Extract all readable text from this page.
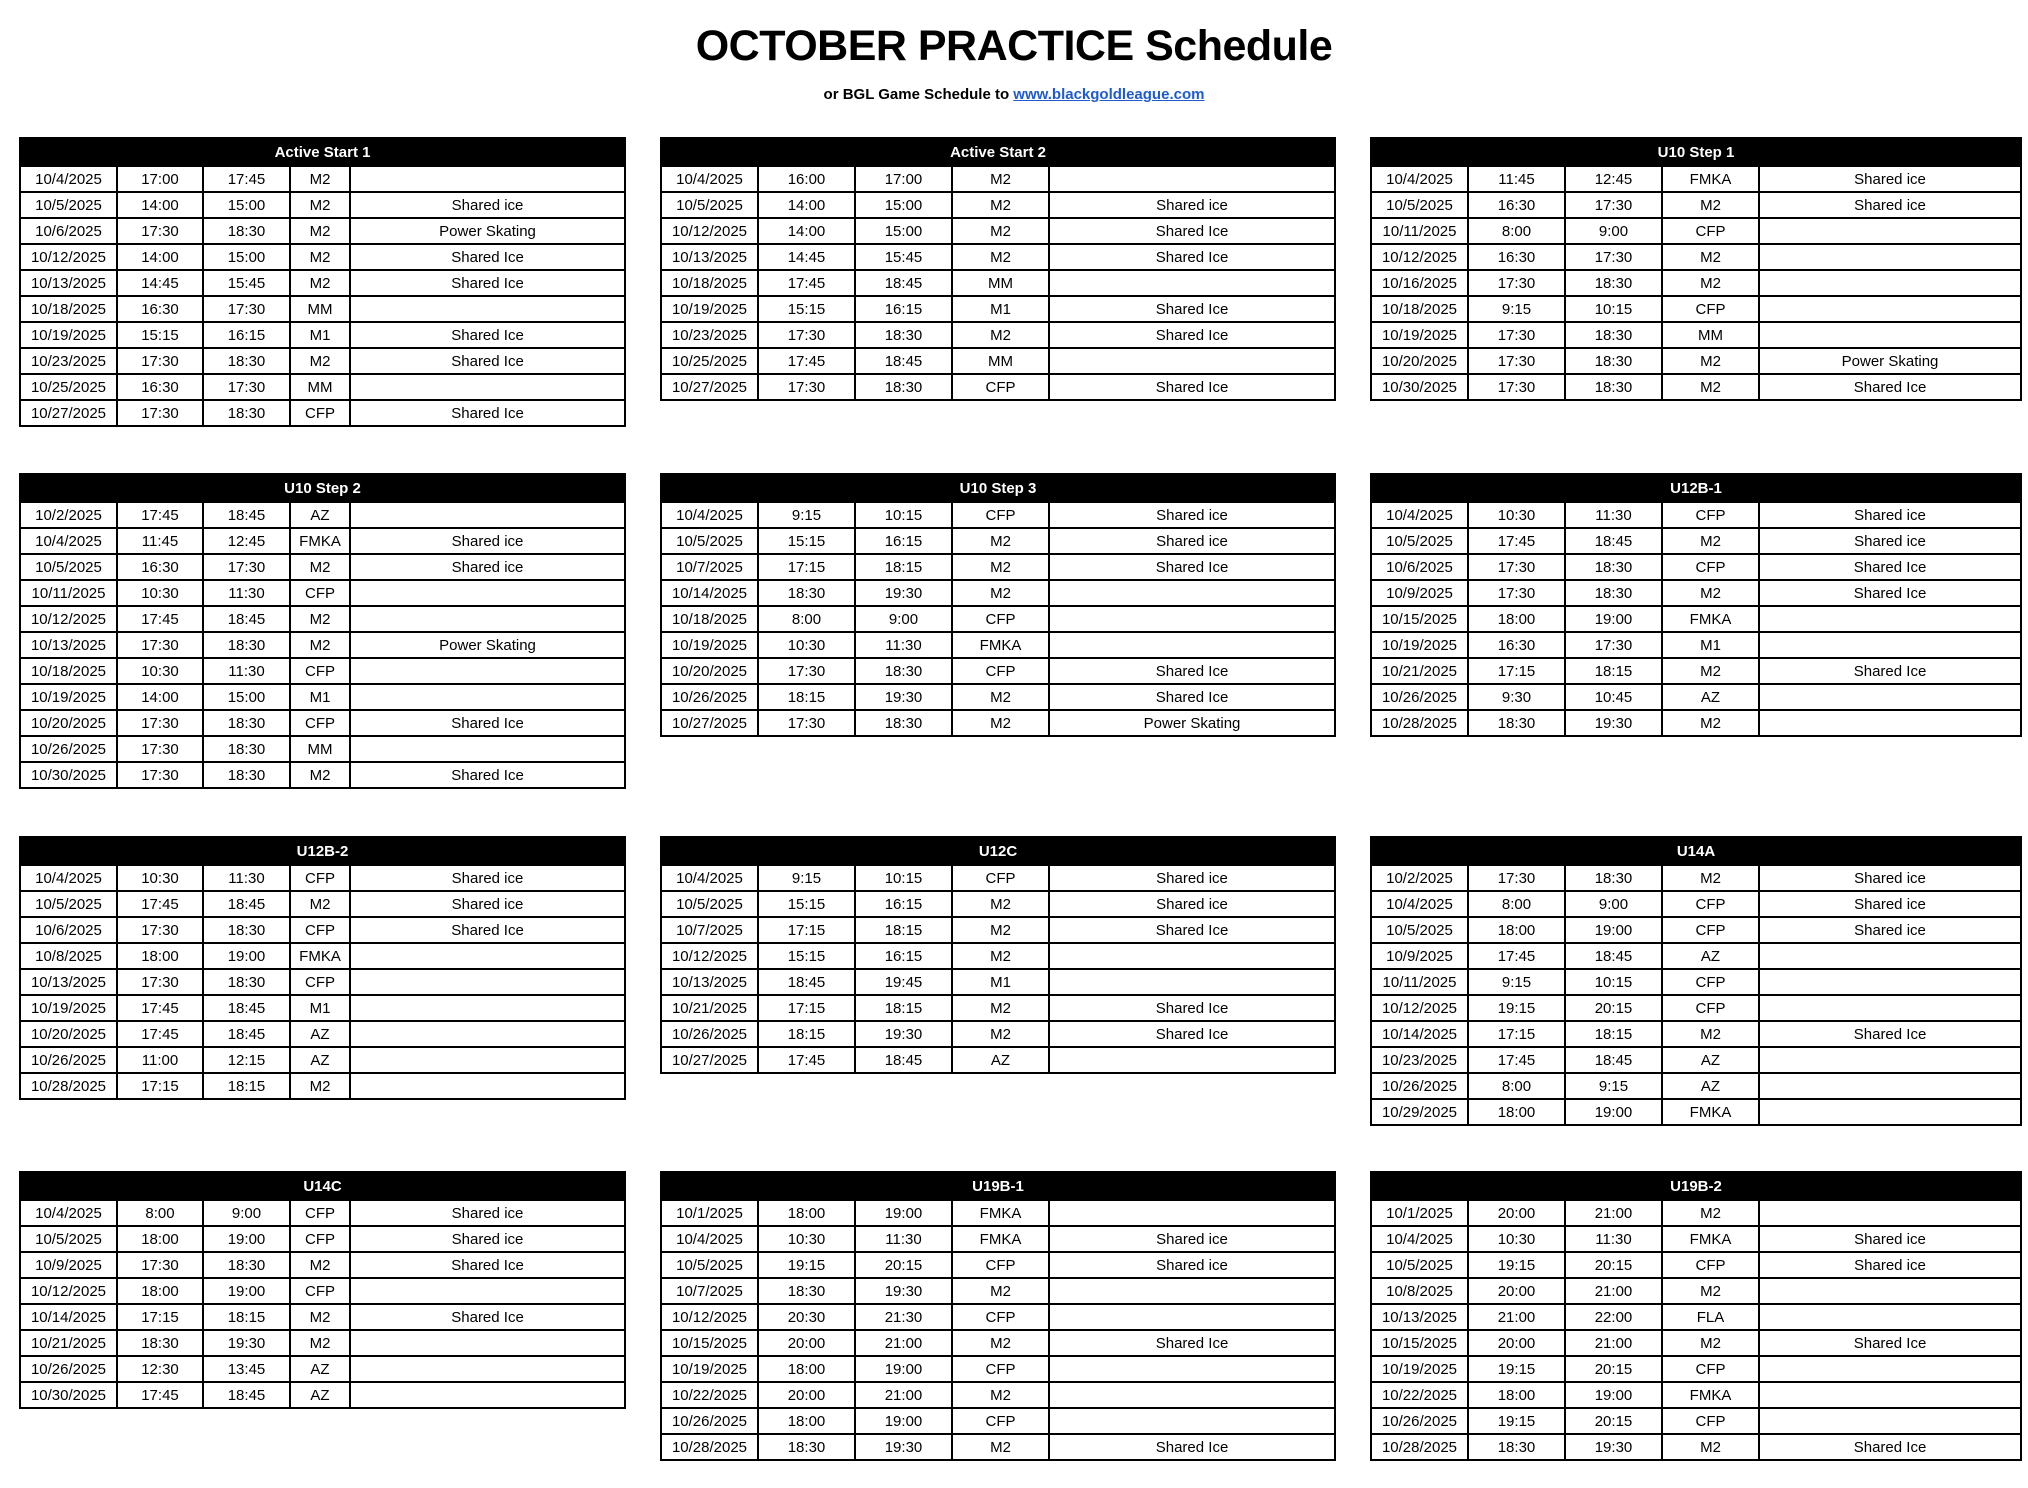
OCTOBER PRACTICE Schedule

or BGL Game Schedule to www.blackgoldleague.com

Active Start 1				
10/4/2025	17:00	17:45	M2	
10/5/2025	14:00	15:00	M2	Shared ice
10/6/2025	17:30	18:30	M2	Power Skating
10/12/2025	14:00	15:00	M2	Shared Ice
10/13/2025	14:45	15:45	M2	Shared Ice
10/18/2025	16:30	17:30	MM	
10/19/2025	15:15	16:15	M1	Shared Ice
10/23/2025	17:30	18:30	M2	Shared Ice
10/25/2025	16:30	17:30	MM	
10/27/2025	17:30	18:30	CFP	Shared Ice
Active Start 2				
10/4/2025	16:00	17:00	M2	
10/5/2025	14:00	15:00	M2	Shared ice
10/12/2025	14:00	15:00	M2	Shared Ice
10/13/2025	14:45	15:45	M2	Shared Ice
10/18/2025	17:45	18:45	MM	
10/19/2025	15:15	16:15	M1	Shared Ice
10/23/2025	17:30	18:30	M2	Shared Ice
10/25/2025	17:45	18:45	MM	
10/27/2025	17:30	18:30	CFP	Shared Ice
U10 Step 1				
10/4/2025	11:45	12:45	FMKA	Shared ice
10/5/2025	16:30	17:30	M2	Shared ice
10/11/2025	8:00	9:00	CFP	
10/12/2025	16:30	17:30	M2	
10/16/2025	17:30	18:30	M2	
10/18/2025	9:15	10:15	CFP	
10/19/2025	17:30	18:30	MM	
10/20/2025	17:30	18:30	M2	Power Skating
10/30/2025	17:30	18:30	M2	Shared Ice
U10 Step 2				
10/2/2025	17:45	18:45	AZ	
10/4/2025	11:45	12:45	FMKA	Shared ice
10/5/2025	16:30	17:30	M2	Shared ice
10/11/2025	10:30	11:30	CFP	
10/12/2025	17:45	18:45	M2	
10/13/2025	17:30	18:30	M2	Power Skating
10/18/2025	10:30	11:30	CFP	
10/19/2025	14:00	15:00	M1	
10/20/2025	17:30	18:30	CFP	Shared Ice
10/26/2025	17:30	18:30	MM	
10/30/2025	17:30	18:30	M2	Shared Ice
U10 Step 3				
10/4/2025	9:15	10:15	CFP	Shared ice
10/5/2025	15:15	16:15	M2	Shared ice
10/7/2025	17:15	18:15	M2	Shared Ice
10/14/2025	18:30	19:30	M2	
10/18/2025	8:00	9:00	CFP	
10/19/2025	10:30	11:30	FMKA	
10/20/2025	17:30	18:30	CFP	Shared Ice
10/26/2025	18:15	19:30	M2	Shared Ice
10/27/2025	17:30	18:30	M2	Power Skating
U12B-1				
10/4/2025	10:30	11:30	CFP	Shared ice
10/5/2025	17:45	18:45	M2	Shared ice
10/6/2025	17:30	18:30	CFP	Shared Ice
10/9/2025	17:30	18:30	M2	Shared Ice
10/15/2025	18:00	19:00	FMKA	
10/19/2025	16:30	17:30	M1	
10/21/2025	17:15	18:15	M2	Shared Ice
10/26/2025	9:30	10:45	AZ	
10/28/2025	18:30	19:30	M2	
U12B-2				
10/4/2025	10:30	11:30	CFP	Shared ice
10/5/2025	17:45	18:45	M2	Shared ice
10/6/2025	17:30	18:30	CFP	Shared Ice
10/8/2025	18:00	19:00	FMKA	
10/13/2025	17:30	18:30	CFP	
10/19/2025	17:45	18:45	M1	
10/20/2025	17:45	18:45	AZ	
10/26/2025	11:00	12:15	AZ	
10/28/2025	17:15	18:15	M2	
U12C				
10/4/2025	9:15	10:15	CFP	Shared ice
10/5/2025	15:15	16:15	M2	Shared ice
10/7/2025	17:15	18:15	M2	Shared Ice
10/12/2025	15:15	16:15	M2	
10/13/2025	18:45	19:45	M1	
10/21/2025	17:15	18:15	M2	Shared Ice
10/26/2025	18:15	19:30	M2	Shared Ice
10/27/2025	17:45	18:45	AZ	
U14A				
10/2/2025	17:30	18:30	M2	Shared ice
10/4/2025	8:00	9:00	CFP	Shared ice
10/5/2025	18:00	19:00	CFP	Shared ice
10/9/2025	17:45	18:45	AZ	
10/11/2025	9:15	10:15	CFP	
10/12/2025	19:15	20:15	CFP	
10/14/2025	17:15	18:15	M2	Shared Ice
10/23/2025	17:45	18:45	AZ	
10/26/2025	8:00	9:15	AZ	
10/29/2025	18:00	19:00	FMKA	
U14C				
10/4/2025	8:00	9:00	CFP	Shared ice
10/5/2025	18:00	19:00	CFP	Shared ice
10/9/2025	17:30	18:30	M2	Shared Ice
10/12/2025	18:00	19:00	CFP	
10/14/2025	17:15	18:15	M2	Shared Ice
10/21/2025	18:30	19:30	M2	
10/26/2025	12:30	13:45	AZ	
10/30/2025	17:45	18:45	AZ	
U19B-1				
10/1/2025	18:00	19:00	FMKA	
10/4/2025	10:30	11:30	FMKA	Shared ice
10/5/2025	19:15	20:15	CFP	Shared ice
10/7/2025	18:30	19:30	M2	
10/12/2025	20:30	21:30	CFP	
10/15/2025	20:00	21:00	M2	Shared Ice
10/19/2025	18:00	19:00	CFP	
10/22/2025	20:00	21:00	M2	
10/26/2025	18:00	19:00	CFP	
10/28/2025	18:30	19:30	M2	Shared Ice
U19B-2				
10/1/2025	20:00	21:00	M2	
10/4/2025	10:30	11:30	FMKA	Shared ice
10/5/2025	19:15	20:15	CFP	Shared ice
10/8/2025	20:00	21:00	M2	
10/13/2025	21:00	22:00	FLA	
10/15/2025	20:00	21:00	M2	Shared Ice
10/19/2025	19:15	20:15	CFP	
10/22/2025	18:00	19:00	FMKA	
10/26/2025	19:15	20:15	CFP	
10/28/2025	18:30	19:30	M2	Shared Ice
